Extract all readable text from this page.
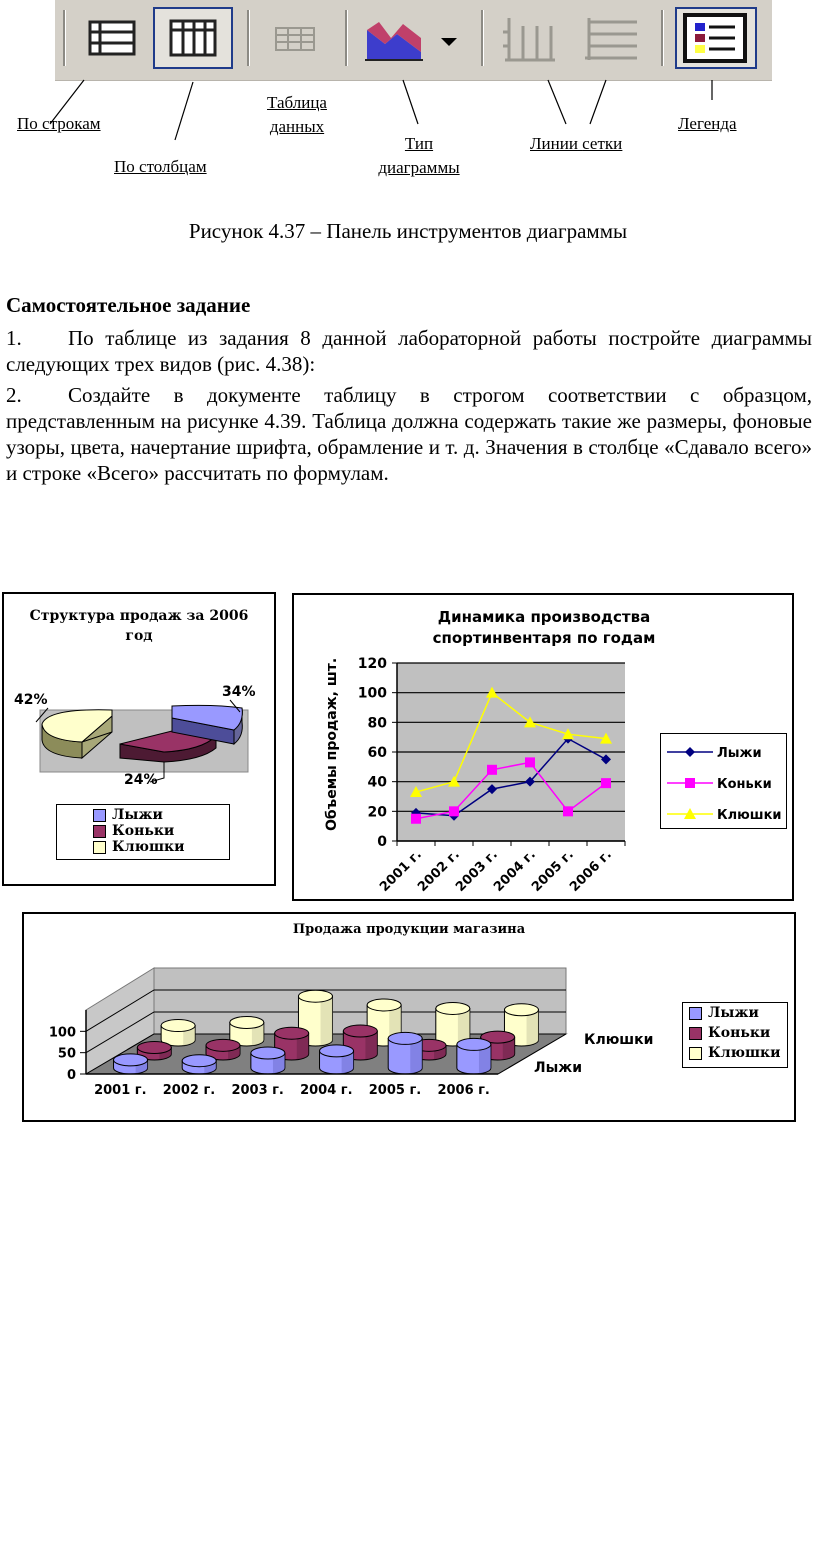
По строкам
По столбцам
Таблица
данных
Тип
диаграммы
Линии сетки
Легенда
Рисунок 4.37 – Панель инструментов диаграммы
Самостоятельное задание
1. По таблице из задания 8 данной лабораторной работы постройте диаграммы следующих трех видов (рис. 4.38):
2. Создайте в документе таблицу в строгом соответствии с образцом, представленным на рисунке 4.39. Таблица должна содержать такие же размеры, фоновые узоры, цвета, начертание шрифта, обрамление и т. д. Значения в столбце «Сдавало всего» и строке «Всего» рассчитать по формулам.
Структура продаж за 2006 год
42%	34%
24%
Лыжи
Коньки
Клюшки
Динамика производства спортинвентаря по годам
0
20
40
60
80
100
120
2001 г.
2002 г.
2003 г.
2004 г.
2005 г.
2006 г.
Объемы продаж, шт.	Лыжи
Коньки
Клюшки
Продажа продукции магазина
0
50
100
2001 г. 2002 г. 2003 г. 2004 г. 2005 г. 2006 г.
Клюшки
Лыжи
Лыжи
Коньки
Клюшки
